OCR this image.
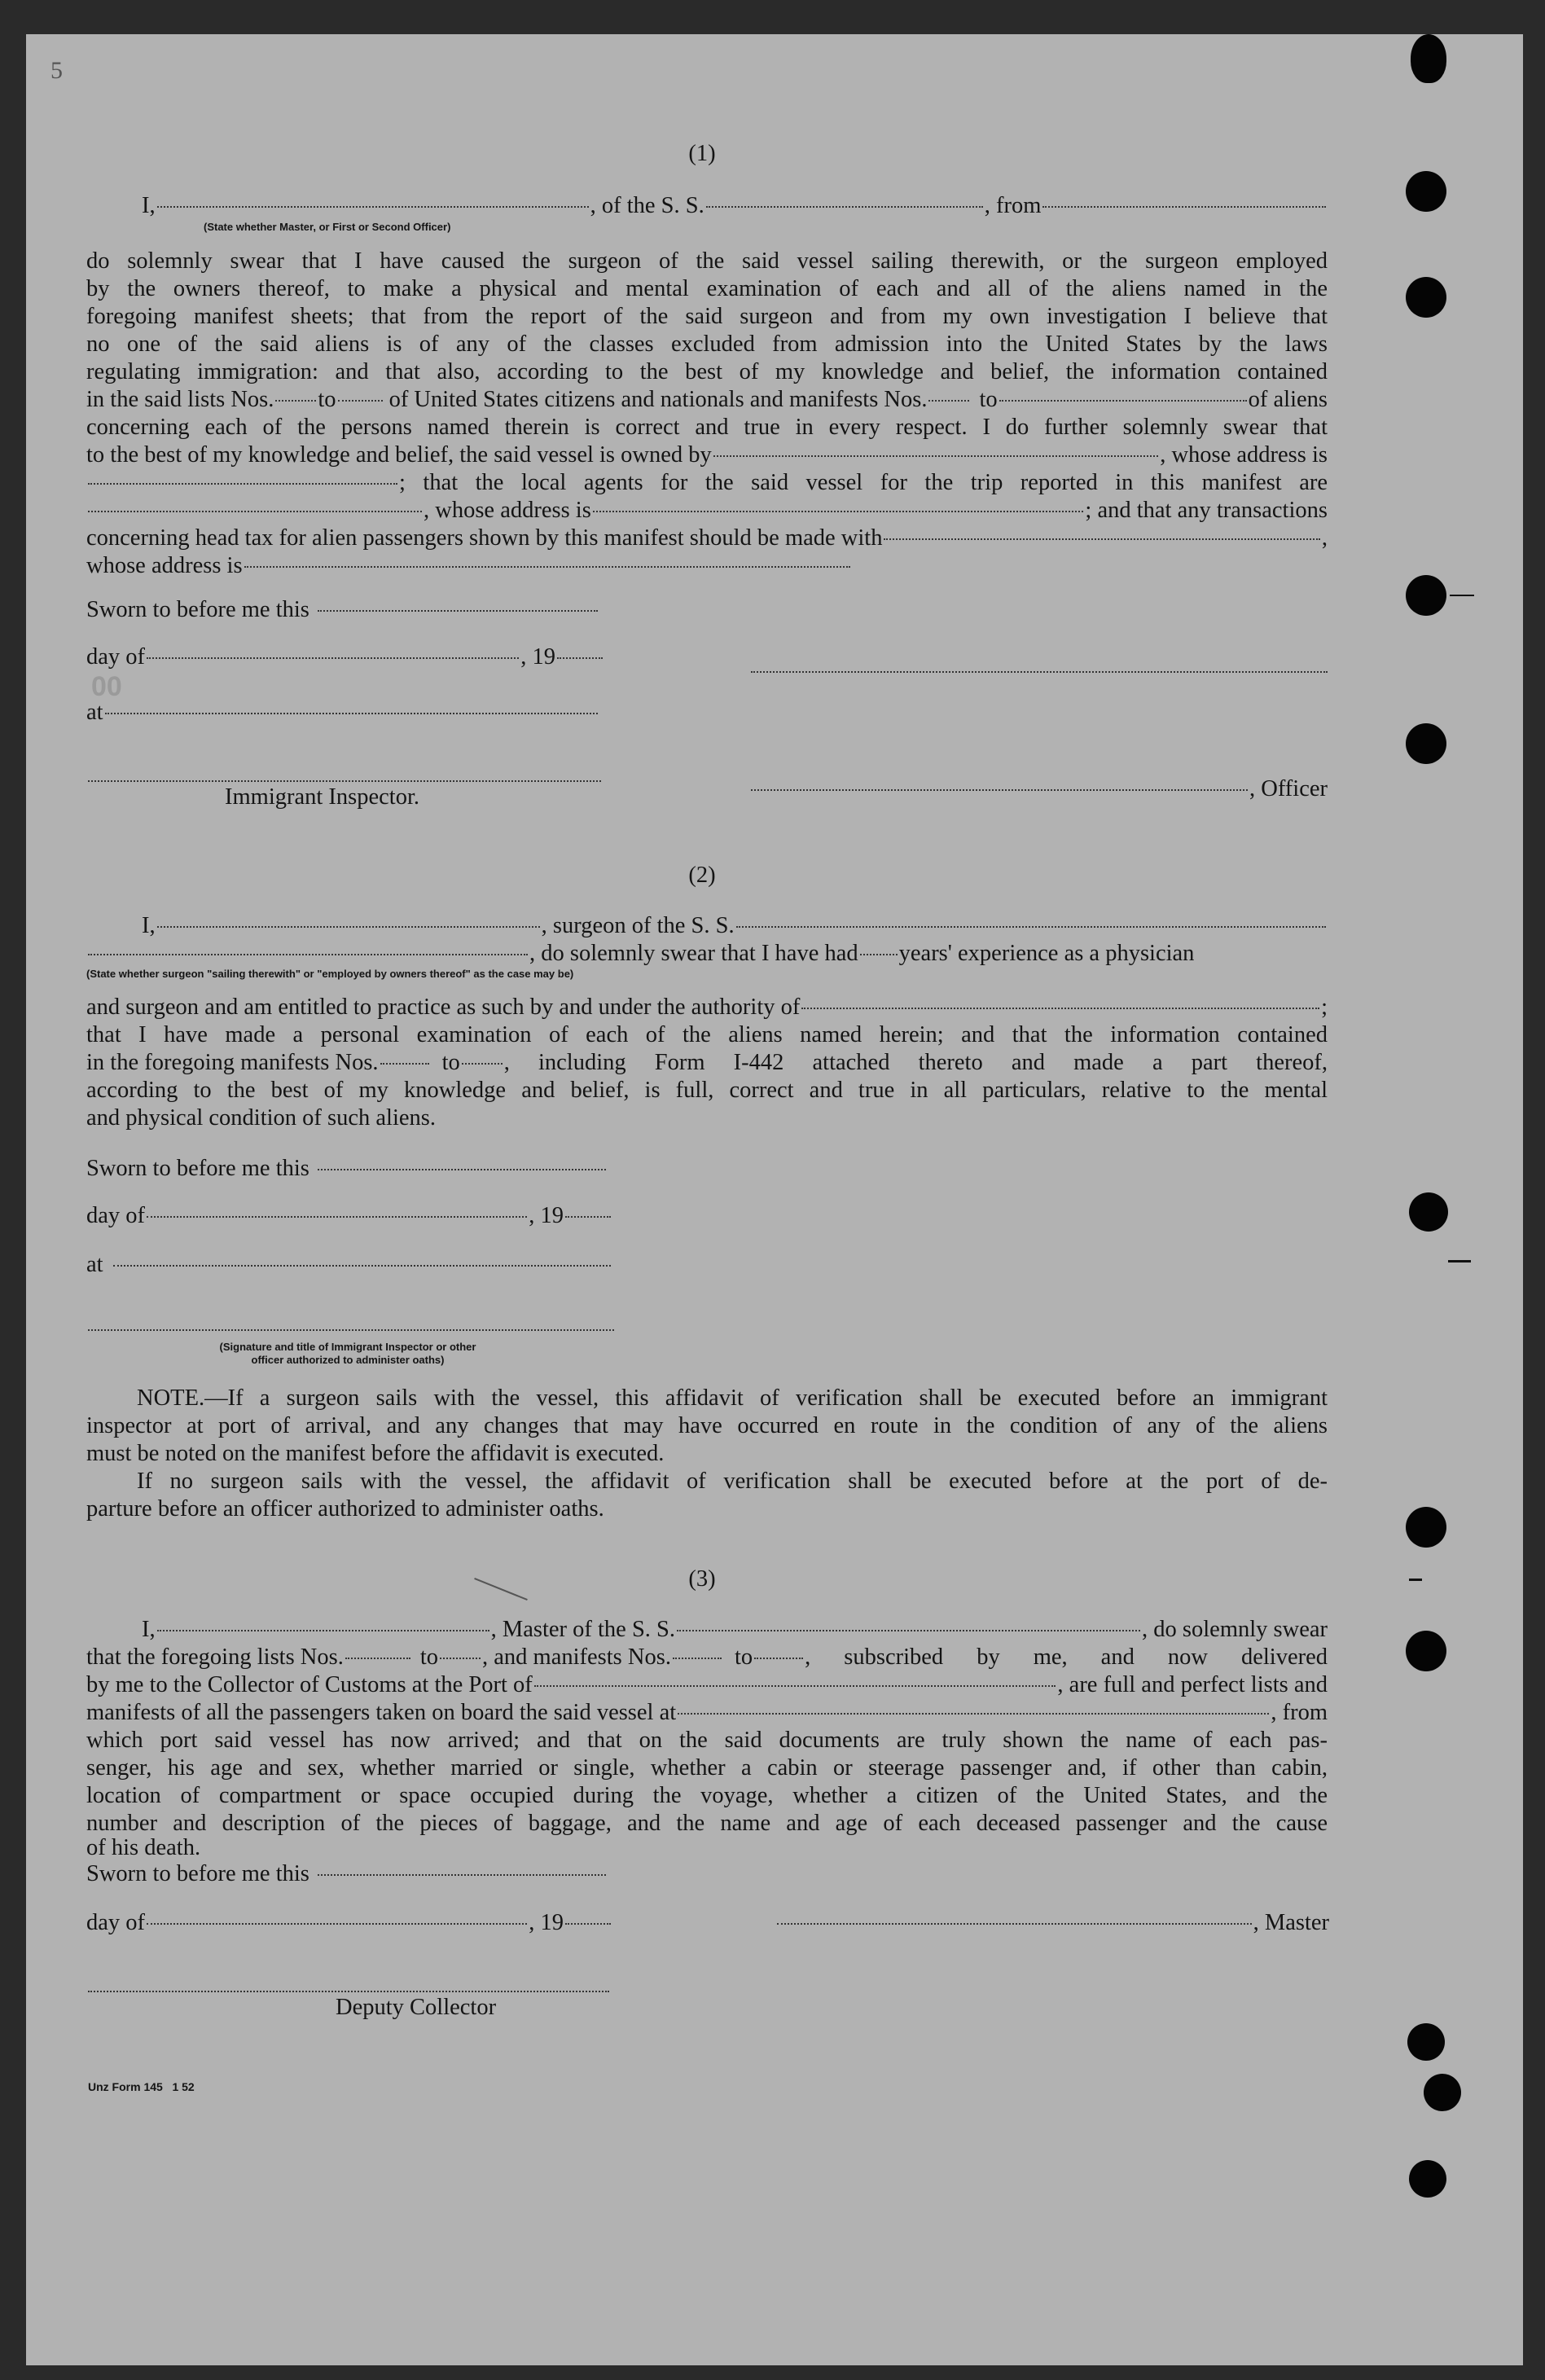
5
(1)
I,	, of the S. S.	, from
(State whether Master, or First or Second Officer)
do solemnly swear that I have caused the surgeon of the said vessel sailing therewith, or the surgeon employed
by the owners thereof, to make a physical and mental examination of each and all of the aliens named in the
foregoing manifest sheets; that from the report of the said surgeon and from my own investigation I believe that
no one of the said aliens is of any of the classes excluded from admission into the United States by the laws
regulating immigration: and that also, according to the best of my knowledge and belief, the information contained
in the said lists Nos. to of United States citizens and nationals and manifests Nos. to	of aliens
concerning each of the persons named therein is correct and true in every respect. I do further solemnly swear that
to the best of my knowledge and belief, the said vessel is owned by	, whose address is
; that the local agents for the said vessel for the trip reported in this manifest are
, whose address is	; and that any transactions
concerning head tax for alien passengers shown by this manifest should be made with	,
whose address is
Sworn to before me this
day of	, 19
00
at
Immigrant Inspector.	, Officer
(2)
I,	, surgeon of the S. S.
, do solemnly swear that I have had years' experience as a physician
(State whether surgeon "sailing therewith" or "employed by owners thereof" as the case may be)
and surgeon and am entitled to practice as such by and under the authority of	;
that I have made a personal examination of each of the aliens named herein; and that the information contained
in the foregoing manifests Nos.	to , including Form I-442 attached thereto and made a part thereof,
according to the best of my knowledge and belief, is full, correct and true in all particulars, relative to the mental
and physical condition of such aliens.
Sworn to before me this
day of	, 19
at
(Signature and title of Immigrant Inspector or other
officer authorized to administer oaths)
NOTE.—If a surgeon sails with the vessel, this affidavit of verification shall be executed before an immigrant
inspector at port of arrival, and any changes that may have occurred en route in the condition of any of the aliens
must be noted on the manifest before the affidavit is executed.
If no surgeon sails with the vessel, the affidavit of verification shall be executed before at the port of de-
parture before an officer authorized to administer oaths.
(3)
I,	, Master of the S. S.	, do solemnly swear
that the foregoing lists Nos.	to , and manifests Nos.	to , subscribed by me, and now delivered
by me to the Collector of Customs at the Port of	, are full and perfect lists and
manifests of all the passengers taken on board the said vessel at	, from
which port said vessel has now arrived; and that on the said documents are truly shown the name of each pas-
senger, his age and sex, whether married or single, whether a cabin or steerage passenger and, if other than cabin,
location of compartment or space occupied during the voyage, whether a citizen of the United States, and the
number and description of the pieces of baggage, and the name and age of each deceased passenger and the cause
of his death.
Sworn to before me this
day of	, 19	, Master
Deputy Collector
Unz Form 145   1 52
